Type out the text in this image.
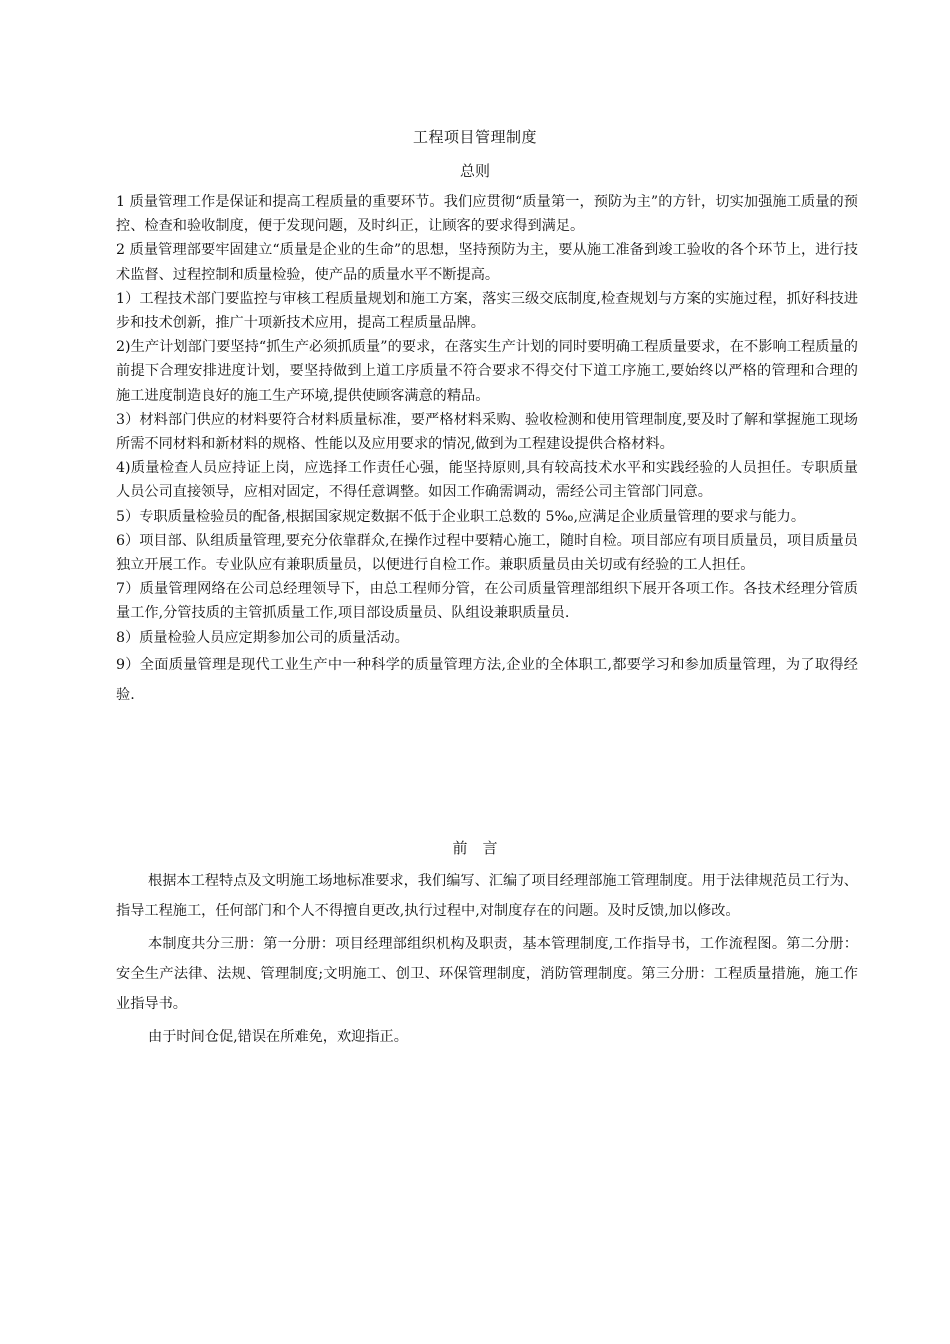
工程项目管理制度
总则

1 质量管理工作是保证和提高工程质量的重要环节。我们应贯彻“质量第一，预防为主”的方针，切实加强施工质量的预控、检查和验收制度，便于发现问题，及时纠正，让顾客的要求得到满足。

2 质量管理部要牢固建立“质量是企业的生命”的思想，坚持预防为主，要从施工准备到竣工验收的各个环节上，进行技术监督、过程控制和质量检验，使产品的质量水平不断提高。

1）工程技术部门要监控与审核工程质量规划和施工方案，落实三级交底制度,检查规划与方案的实施过程，抓好科技进步和技术创新，推广十项新技术应用，提高工程质量品牌。

2)生产计划部门要坚持“抓生产必须抓质量”的要求，在落实生产计划的同时要明确工程质量要求，在不影响工程质量的前提下合理安排进度计划，要坚持做到上道工序质量不符合要求不得交付下道工序施工,要始终以严格的管理和合理的施工进度制造良好的施工生产环境,提供使顾客满意的精品。

3）材料部门供应的材料要符合材料质量标准，要严格材料采购、验收检测和使用管理制度,要及时了解和掌握施工现场所需不同材料和新材料的规格、性能以及应用要求的情况,做到为工程建设提供合格材料。

4)质量检查人员应持证上岗，应选择工作责任心强，能坚持原则,具有较高技术水平和实践经验的人员担任。专职质量人员公司直接领导，应相对固定，不得任意调整。如因工作确需调动，需经公司主管部门同意。

5）专职质量检验员的配备,根据国家规定数据不低于企业职工总数的 5‰,应满足企业质量管理的要求与能力。

6）项目部、队组质量管理,要充分依靠群众,在操作过程中要精心施工，随时自检。项目部应有项目质量员，项目质量员独立开展工作。专业队应有兼职质量员，以便进行自检工作。兼职质量员由关切或有经验的工人担任。

7）质量管理网络在公司总经理领导下，由总工程师分管，在公司质量管理部组织下展开各项工作。各技术经理分管质量工作,分管技质的主管抓质量工作,项目部设质量员、队组设兼职质量员.

8）质量检验人员应定期参加公司的质量活动。

9）全面质量管理是现代工业生产中一种科学的质量管理方法,企业的全体职工,都要学习和参加质量管理，为了取得经验.

前　言

根据本工程特点及文明施工场地标准要求，我们编写、汇编了项目经理部施工管理制度。用于法律规范员工行为、指导工程施工，任何部门和个人不得擅自更改,执行过程中,对制度存在的问题。及时反馈,加以修改。

本制度共分三册：第一分册：项目经理部组织机构及职责，基本管理制度,工作指导书，工作流程图。第二分册：安全生产法律、法规、管理制度;文明施工、创卫、环保管理制度，消防管理制度。第三分册：工程质量措施，施工作业指导书。

由于时间仓促,错误在所难免，欢迎指正。
